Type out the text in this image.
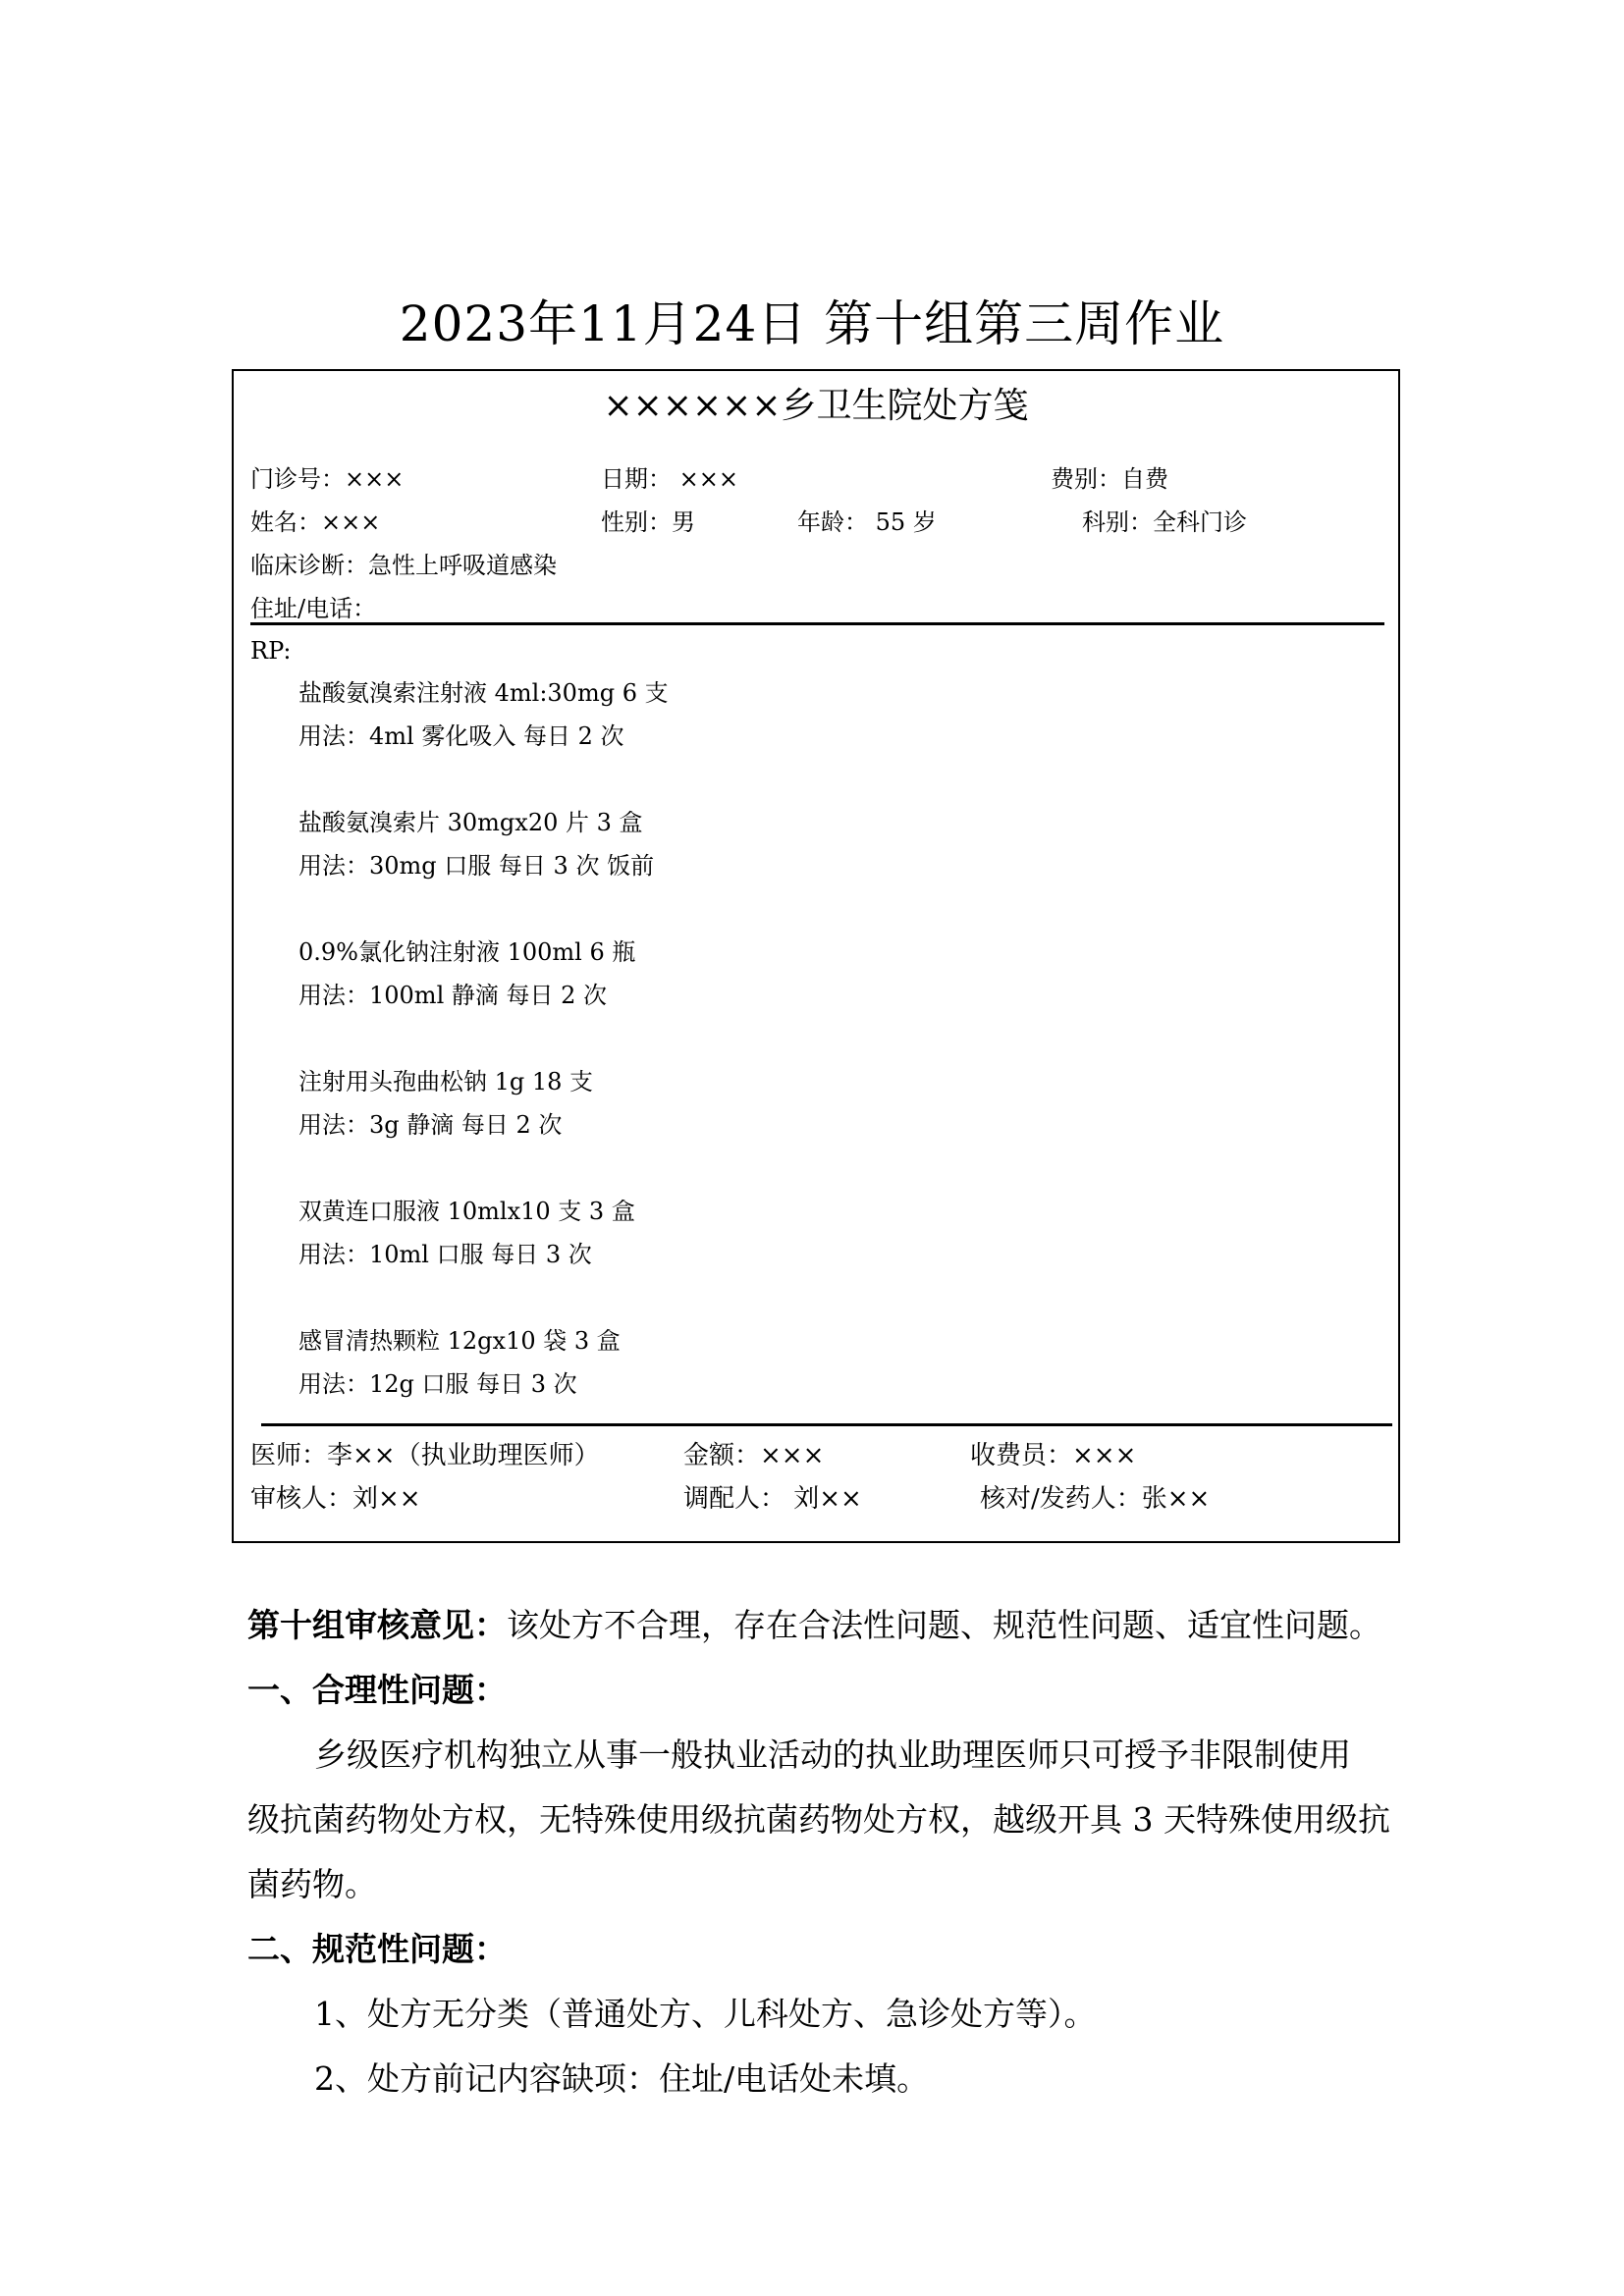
2023年11月24日 第十组第三周作业
××××××乡卫生院处方笺
门诊号：×××	日期： ×××	费别：自费
姓名：×××	性别：男	年龄： 55 岁	科别：全科门诊
临床诊断：急性上呼吸道感染
住址/电话：
RP:
盐酸氨溴索注射液 4ml:30mg 6 支
用法：4ml 雾化吸入 每日 2 次
盐酸氨溴索片 30mgx20 片 3 盒
用法：30mg 口服 每日 3 次 饭前
0.9%氯化钠注射液 100ml 6 瓶
用法：100ml 静滴 每日 2 次
注射用头孢曲松钠 1g 18 支
用法：3g 静滴 每日 2 次
双黄连口服液 10mlx10 支 3 盒
用法：10ml 口服 每日 3 次
感冒清热颗粒 12gx10 袋 3 盒
用法：12g 口服 每日 3 次
医师：李××（执业助理医师）	金额：×××	收费员：×××
审核人：刘××	调配人： 刘××	核对/发药人：张××
第十组审核意见：该处方不合理，存在合法性问题、规范性问题、适宜性问题。
一、合理性问题：
乡级医疗机构独立从事一般执业活动的执业助理医师只可授予非限制使用
级抗菌药物处方权，无特殊使用级抗菌药物处方权，越级开具 3 天特殊使用级抗
菌药物。
二、规范性问题：
1、处方无分类（普通处方、儿科处方、急诊处方等）。
2、处方前记内容缺项：住址/电话处未填。
